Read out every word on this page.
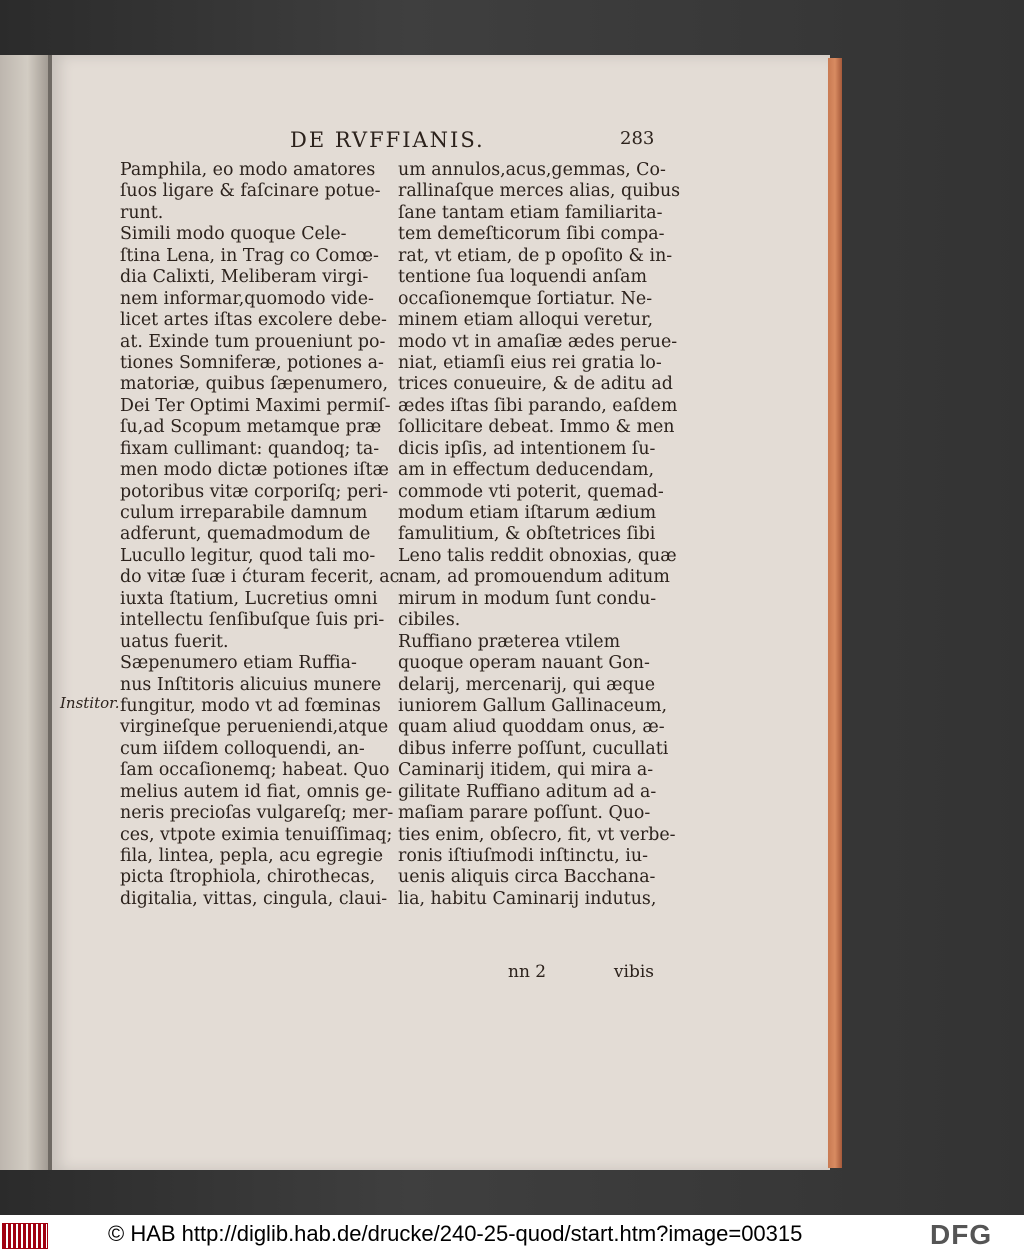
DE RVFFIANIS.	283
Pamphila, eo modo amatores
ſuos ligare & faſcinare potue-
runt.
Simili modo quoque Cele-
ſtina Lena, in Trag co Comœ-
dia Calixti, Meliberam virgi-
nem informar,quomodo vide-
licet artes iſtas excolere debe-
at. Exinde tum proueniunt po-
tiones Somniferæ, potiones a-
matoriæ, quibus ſæpenumero,
Dei Ter Optimi Maximi permiſ-
ſu,ad Scopum metamque præ
fixam cullimant: quandoq; ta-
men modo dictæ potiones iſtæ
potoribus vitæ corporiſq; peri-
culum irreparabile damnum
adferunt, quemadmodum de
Lucullo legitur, quod tali mo-
do vitæ ſuæ i ćturam fecerit, ac
iuxta ſtatium, Lucretius omni
intellectu ſenſibuſque ſuis pri-
uatus fuerit.
Sæpenumero etiam Ruffia-
nus Inſtitoris alicuius munere
fungitur, modo vt ad fœminas
virgineſque perueniendi,atque
cum iiſdem colloquendi, an-
ſam occaſionemq; habeat. Quo
melius autem id fiat, omnis ge-
neris precioſas vulgareſq; mer-
ces, vtpote eximia tenuiſſimaq;
fila, lintea, pepla, acu egregie
picta ſtrophiola, chirothecas,
digitalia, vittas, cingula, claui-
um annulos,acus,gemmas, Co-
rallinaſque merces alias, quibus
ſane tantam etiam familiarita-
tem demeſticorum ſibi compa-
rat, vt etiam, de p opoſito & in-
tentione ſua loquendi anſam
occaſionemque ſortiatur. Ne-
minem etiam alloqui veretur,
modo vt in amaſiæ ædes perue-
niat, etiamſi eius rei gratia lo-
trices conueuire, & de aditu ad
ædes iſtas ſibi parando, eaſdem
ſollicitare debeat. Immo & men
dicis ipſis, ad intentionem ſu-
am in effectum deducendam,
commode vti poterit, quemad-
modum etiam iſtarum ædium
famulitium, & obſtetrices ſibi
Leno talis reddit obnoxias, quæ
nam, ad promouendum aditum
mirum in modum ſunt condu-
cibiles.
Ruffiano præterea vtilem
quoque operam nauant Gon-
delarij, mercenarij, qui æque
iuniorem Gallum Gallinaceum,
quam aliud quoddam onus, æ-
dibus inferre poſſunt, cucullati
Caminarij itidem, qui mira a-
gilitate Ruffiano aditum ad a-
maſiam parare poſſunt. Quo-
ties enim, obſecro, fit, vt verbe-
ronis iſtiuſmodi inſtinctu, iu-
uenis aliquis circa Bacchana-
lia, habitu Caminarij indutus,
Institor.
nn 2	vibis
© HAB http://diglib.hab.de/drucke/240-25-quod/start.htm?image=00315	DFG
